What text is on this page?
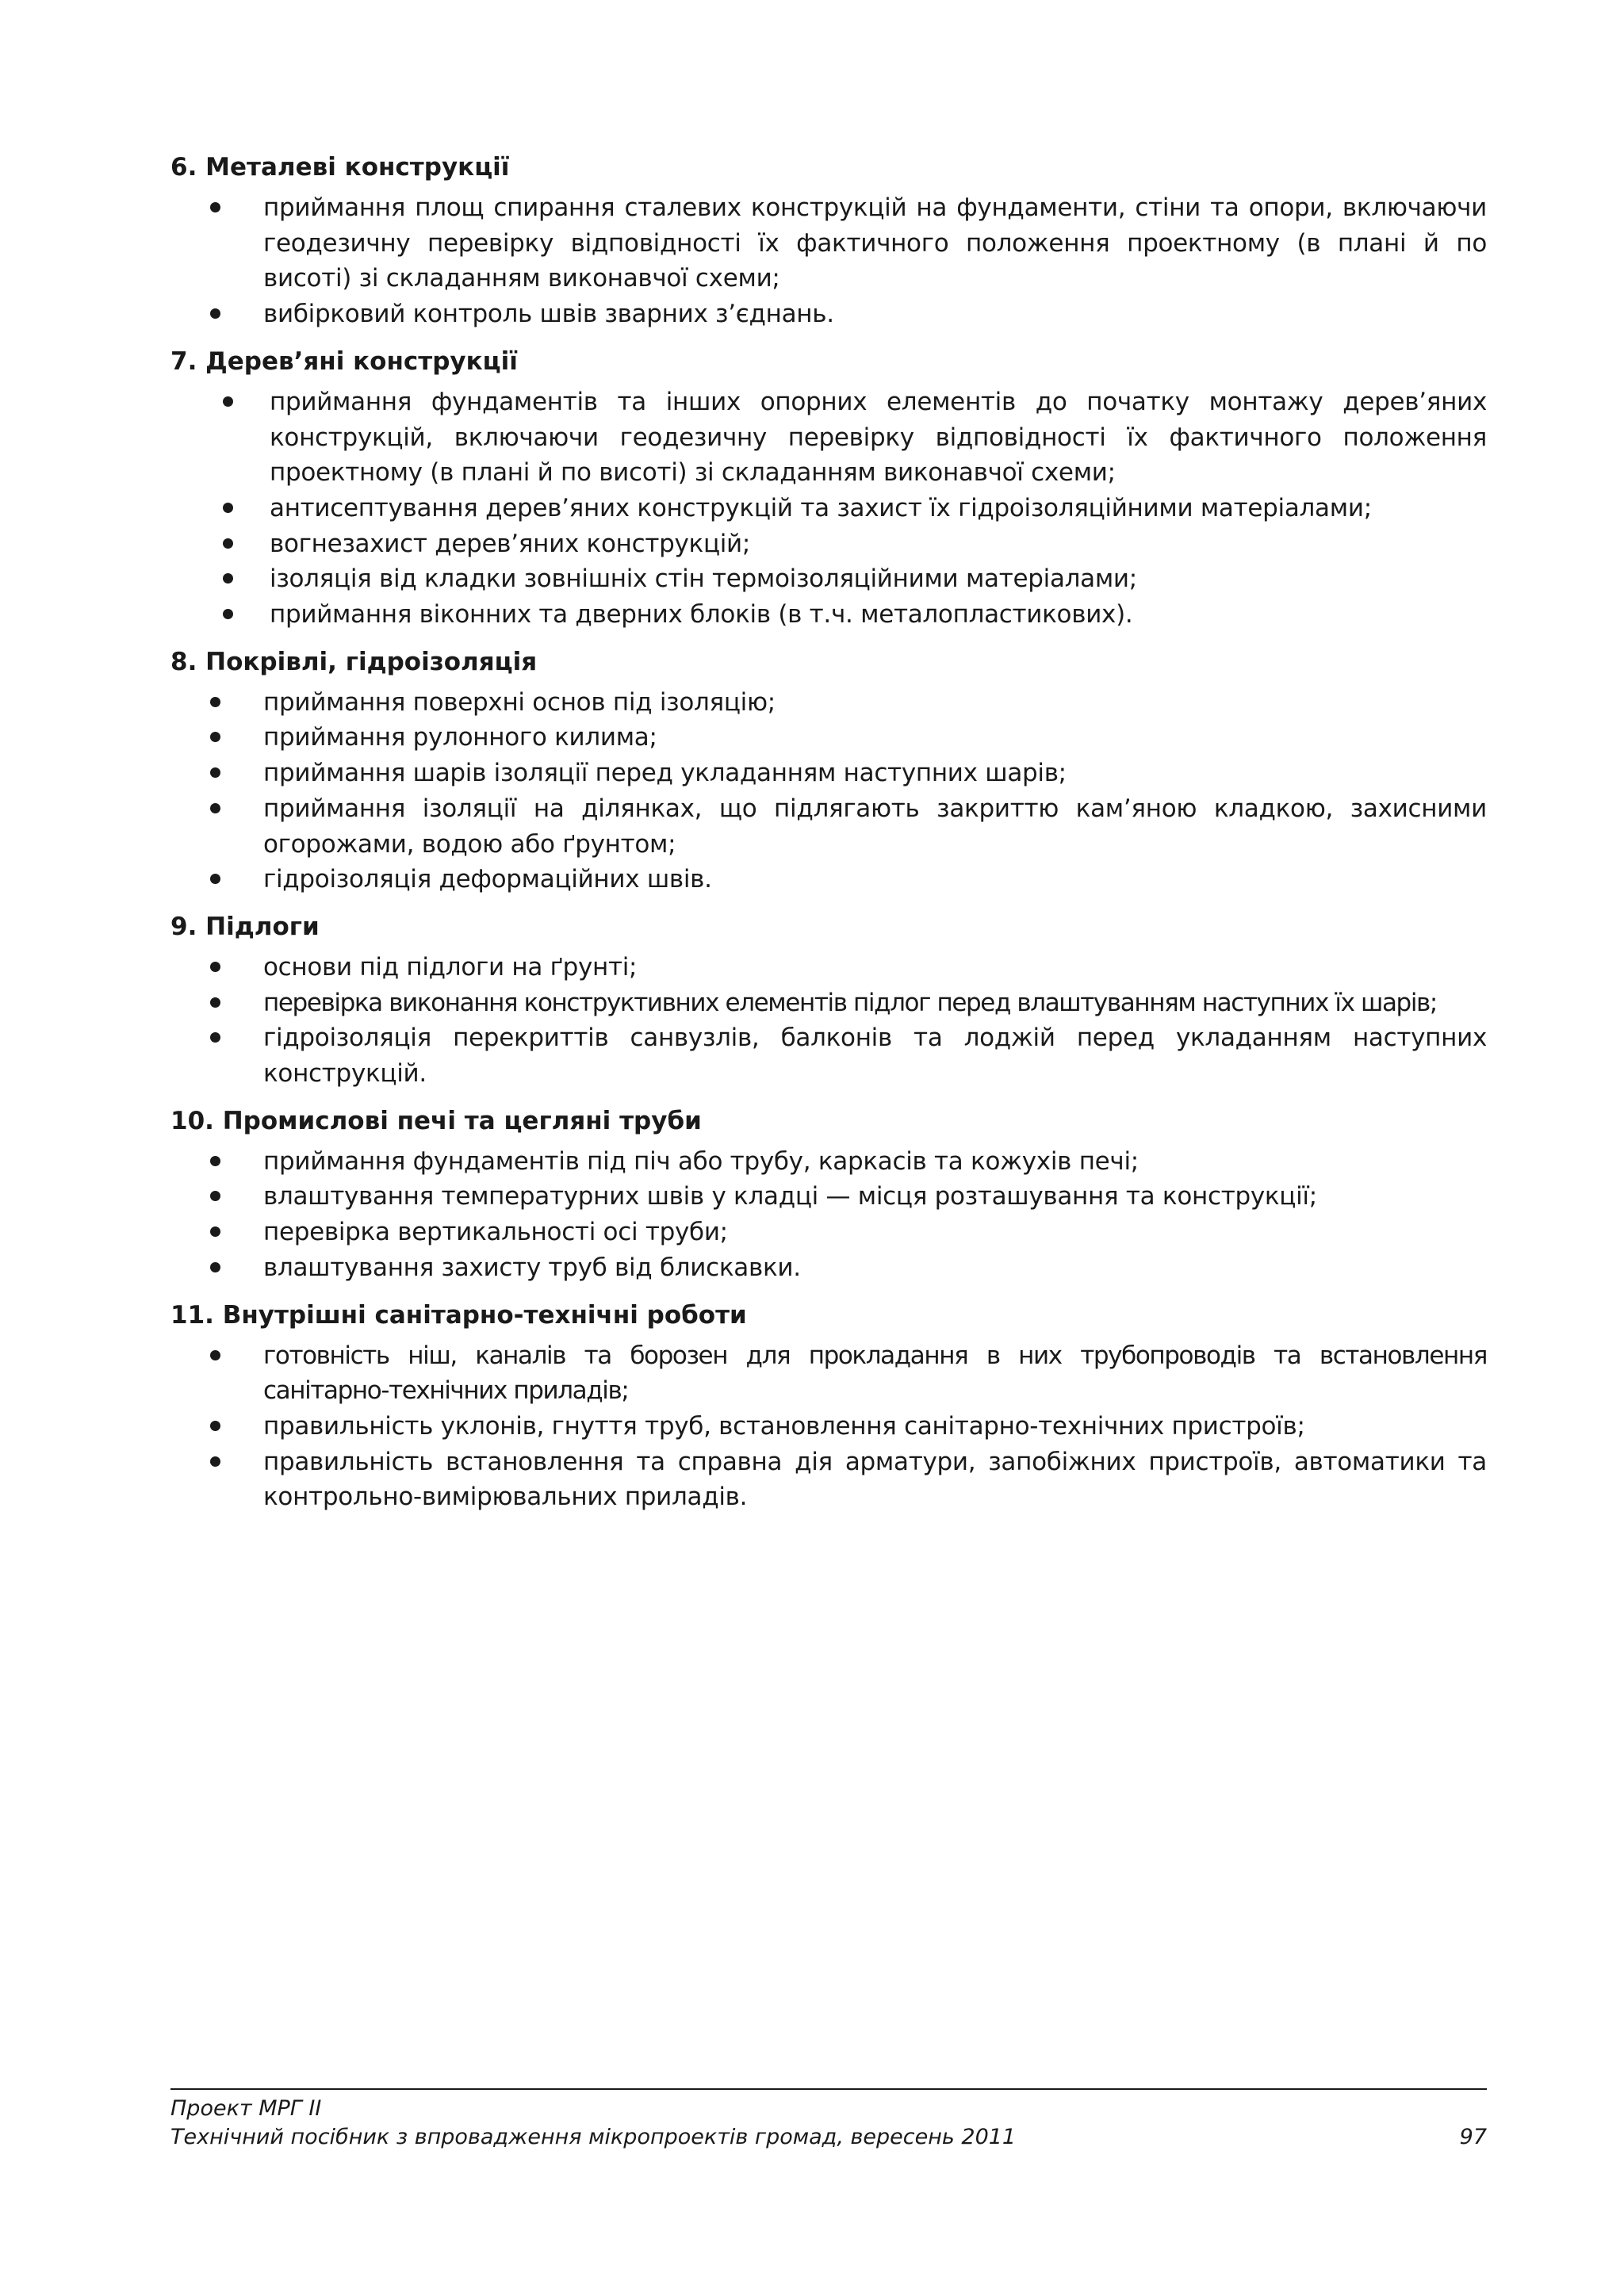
6. Металеві конструкції
приймання площ спирання сталевих конструкцій на фундаменти, стіни та опори, включаючи геодезичну перевірку відповідності їх фактичного положення проектному (в плані й по висоті) зі складанням виконавчої схеми;
вибірковий контроль швів зварних з’єднань.
7. Дерев’яні конструкції
приймання фундаментів та інших опорних елементів до початку монтажу дерев’яних конструкцій, включаючи геодезичну перевірку відповідності їх фактичного положення проектному (в плані й по висоті) зі складанням виконавчої схеми;
антисептування дерев’яних конструкцій та захист їх гідроізоляційними матеріалами;
вогнезахист дерев’яних конструкцій;
ізоляція від кладки зовнішніх стін термоізоляційними матеріалами;
приймання віконних та дверних блоків (в т.ч. металопластикових).
8. Покрівлі, гідроізоляція
приймання поверхні основ під ізоляцію;
приймання рулонного килима;
приймання шарів ізоляції перед укладанням наступних шарів;
приймання ізоляції на ділянках, що підлягають закриттю кам’яною кладкою, захисними огорожами, водою або ґрунтом;
гідроізоляція деформаційних швів.
9. Підлоги
основи під підлоги на ґрунті;
перевірка виконання конструктивних елементів підлог перед влаштуванням наступних їх шарів;
гідроізоляція перекриттів санвузлів, балконів та лоджій перед укладанням наступних конструкцій.
10. Промислові печі та цегляні труби
приймання фундаментів під піч або трубу, каркасів та кожухів печі;
влаштування температурних швів у кладці — місця розташування та конструкції;
перевірка вертикальності осі труби;
влаштування захисту труб від блискавки.
11. Внутрішні санітарно-технічні роботи
готовність ніш, каналів та борозен для прокладання в них трубопроводів та встановлення санітарно-технічних приладів;
правильність уклонів, гнуття труб, встановлення санітарно-технічних пристроїв;
правильність встановлення та справна дія арматури, запобіжних пристроїв, автоматики та контрольно-вимірювальних приладів.
Проект МРГ ІІ
Технічний посібник з впровадження мікропроектів громад, вересень 2011	97
